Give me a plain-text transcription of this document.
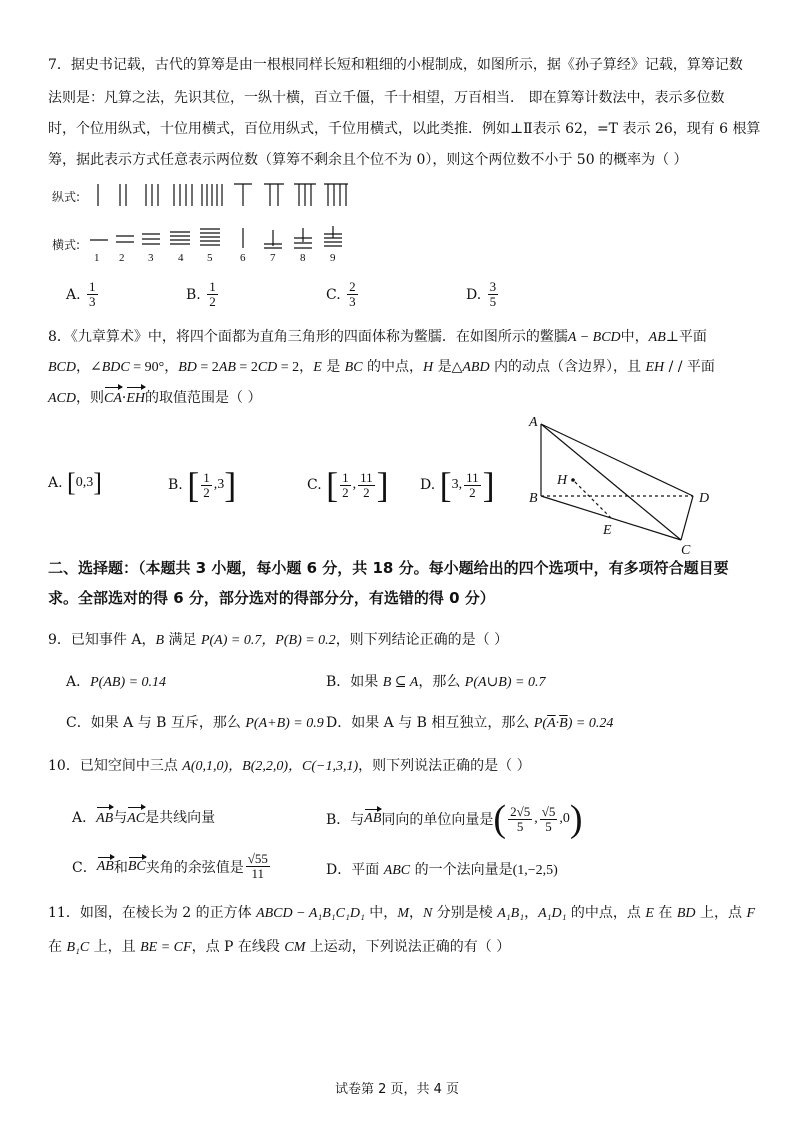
7．据史书记载，古代的算筹是由一根根同样长短和粗细的小棍制成，如图所示，据《孙子算经》记载，算筹记数
法则是：凡算之法，先识其位，一纵十横，百立千僵，千十相望，万百相当． 即在算筹计数法中，表示多位数
时，个位用纵式，十位用横式，百位用纵式，千位用横式，以此类推．例如⊥Ⅱ表示 62，=T 表示 26，现有 6 根算
筹，据此表示方式任意表示两位数（算筹不剩余且个位不为 0），则这个两位数不小于 50 的概率为（ ）
纵式:
横式:
1 2 3 4 5	6 7 8 9
A.
$\frac{1}{3}$	B.
$\frac{1}{2}$	C.
$\frac{2}{3}$	D.
$\frac{3}{5}$
8．《九章算术》中，将四个面都为直角三角形的四面体称为鳖臑．在如图所示的鳖臑A − BCD中，AB⊥平面
BCD，∠BDC = 90°，BD = 2AB = 2CD = 2，E 是 BC 的中点，H 是△ABD 内的动点（含边界），且 EH / / 平面
ACD，则CA·EH的取值范围是（ ）
A.
[ 0,3 ]	B.
[ $\frac{1}{2} ,3$ ]	C.
[ $\frac{1}{2}$ , $\frac{11}{2}$ ] D.
[ 3, $\frac{11}{2}$ ]
A
B	D
C
E
H
二、选择题：（本题共 3 小题，每小题 6 分，共 18 分。每小题给出的四个选项中，有多项符合题目要
求。全部选对的得 6 分，部分选对的得部分分，有选错的得 0 分）
9．已知事件 A，B 满足 P(A) = 0.7，P(B) = 0.2，则下列结论正确的是（ ）
A．P(AB) = 0.14	B．如果 B ⊆ A，那么 P(A∪B) = 0.7
C．如果 A 与 B 互斥，那么 P(A+B) = 0.9 D．如果 A 与 B 相互独立，那么 $P(\overline{A}\cdot\overline{B}) = 0.24$
10．已知空间中三点 A(0,1,0)，B(2,2,0)，C(−1,3,1)，则下列说法正确的是（ ）
A．AB与AC是共线向量	B．与 AB 同向的单位向量是 ( $\frac{2√5}{5}$ , $\frac{√5}{5} ,0$ )
C． AB 和 BC 夹角的余弦值是 $\frac{√55}{11}$	D．平面 ABC 的一个法向量是(1,−2,5)
11．如图，在棱长为 2 的正方体 ABCD − A₁B₁C₁D₁ 中，M，N 分别是棱 A₁B₁，A₁D₁ 的中点，点 E 在 BD 上，点 F
在 B₁C 上，且 BE = CF，点 P 在线段 CM 上运动，下列说法正确的有（ ）
试卷第 2 页，共 4 页
